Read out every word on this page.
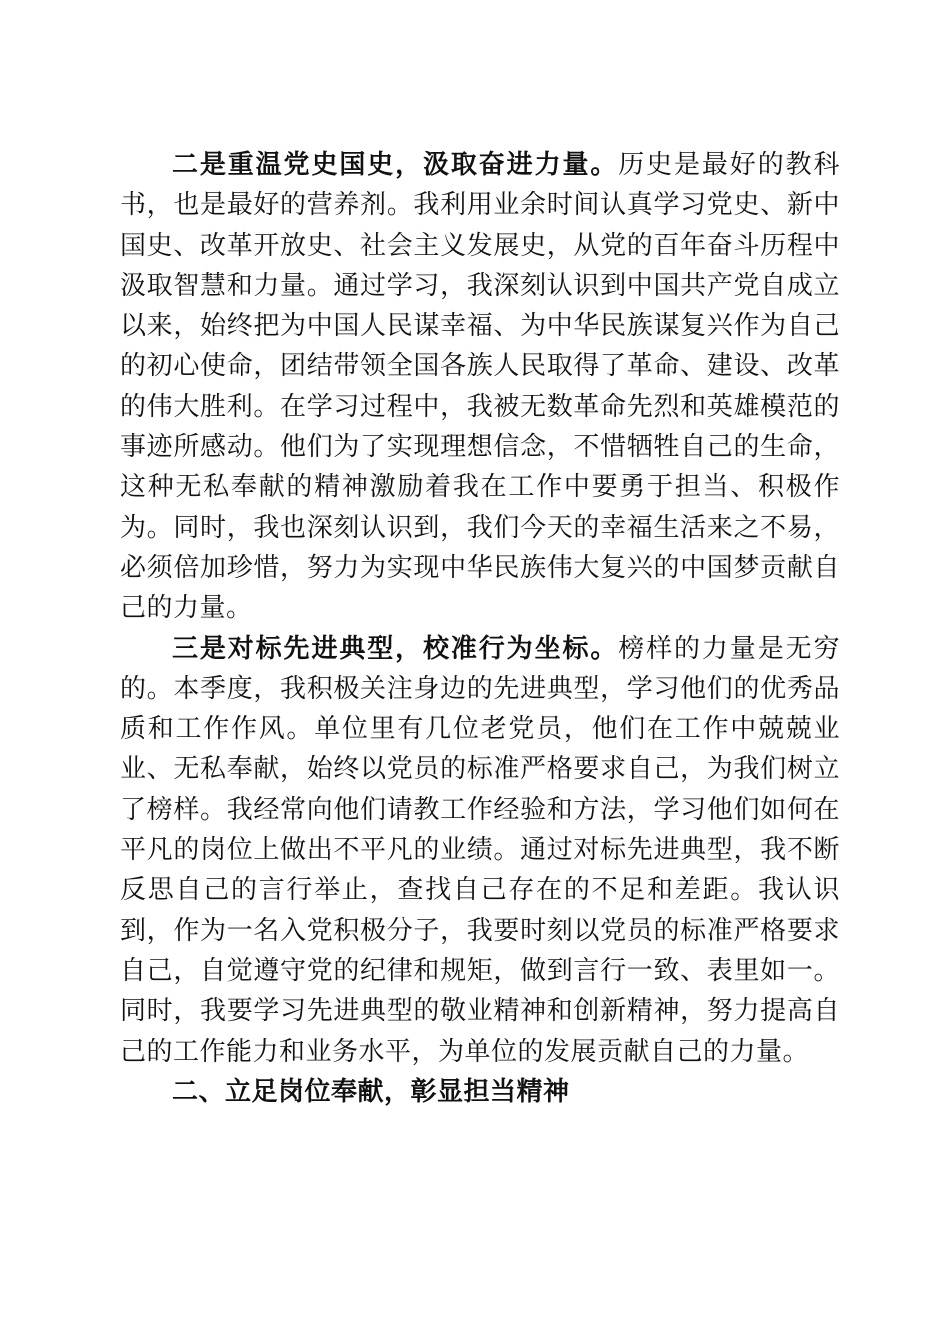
二是重温党史国史，汲取奋进力量。历史是最好的教科书，也是最好的营养剂。我利用业余时间认真学习党史、新中国史、改革开放史、社会主义发展史，从党的百年奋斗历程中汲取智慧和力量。通过学习，我深刻认识到中国共产党自成立以来，始终把为中国人民谋幸福、为中华民族谋复兴作为自己的初心使命，团结带领全国各族人民取得了革命、建设、改革的伟大胜利。在学习过程中，我被无数革命先烈和英雄模范的事迹所感动。他们为了实现理想信念，不惜牺牲自己的生命，这种无私奉献的精神激励着我在工作中要勇于担当、积极作为。同时，我也深刻认识到，我们今天的幸福生活来之不易，必须倍加珍惜，努力为实现中华民族伟大复兴的中国梦贡献自己的力量。

三是对标先进典型，校准行为坐标。榜样的力量是无穷的。本季度，我积极关注身边的先进典型，学习他们的优秀品质和工作作风。单位里有几位老党员，他们在工作中兢兢业业、无私奉献，始终以党员的标准严格要求自己，为我们树立了榜样。我经常向他们请教工作经验和方法，学习他们如何在平凡的岗位上做出不平凡的业绩。通过对标先进典型，我不断反思自己的言行举止，查找自己存在的不足和差距。我认识到，作为一名入党积极分子，我要时刻以党员的标准严格要求自己，自觉遵守党的纪律和规矩，做到言行一致、表里如一。同时，我要学习先进典型的敬业精神和创新精神，努力提高自己的工作能力和业务水平，为单位的发展贡献自己的力量。

二、立足岗位奉献，彰显担当精神
